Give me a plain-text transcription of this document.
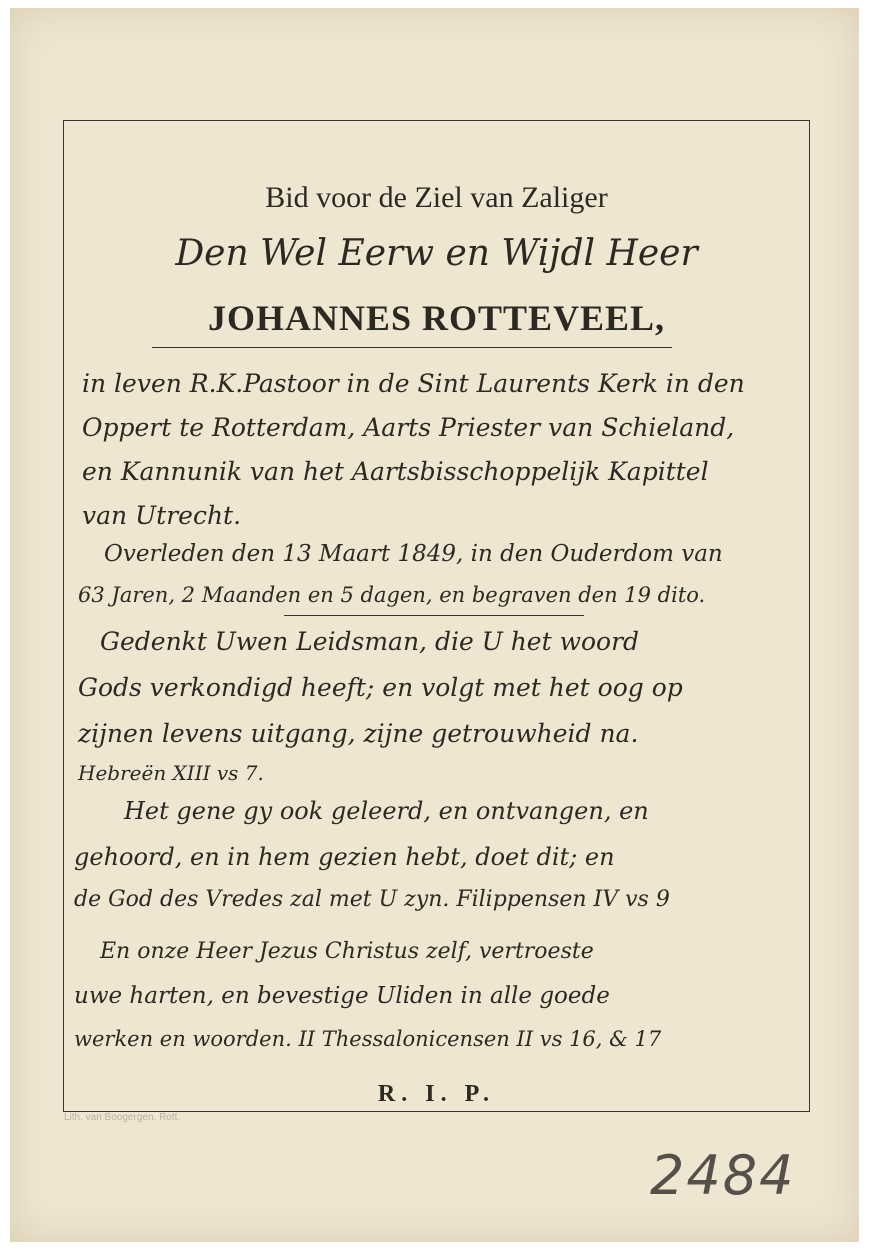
Bid voor de Ziel van Zaliger
Den Wel Eerw en Wijdl Heer
JOHANNES ROTTEVEEL,
in leven R.K.Pastoor in de Sint Laurents Kerk in den
Oppert te Rotterdam, Aarts Priester van Schieland,
en Kannunik van het Aartsbisschoppelijk Kapittel
van Utrecht.
Overleden den 13 Maart 1849, in den Ouderdom van
63 Jaren, 2 Maanden en 5 dagen, en begraven den 19 dito.
Gedenkt Uwen Leidsman, die U het woord
Gods verkondigd heeft; en volgt met het oog op
zijnen levens uitgang, zijne getrouwheid na.
Hebreën XIII vs 7.
Het gene gy ook geleerd, en ontvangen, en
gehoord, en in hem gezien hebt, doet dit; en
de God des Vredes zal met U zyn. Filippensen IV vs 9
En onze Heer Jezus Christus zelf, vertroeste
uwe harten, en bevestige Uliden in alle goede
werken en woorden. II Thessalonicensen II vs 16, & 17
R. I. P.
Lith. van Boogergen. Rott.
2484
